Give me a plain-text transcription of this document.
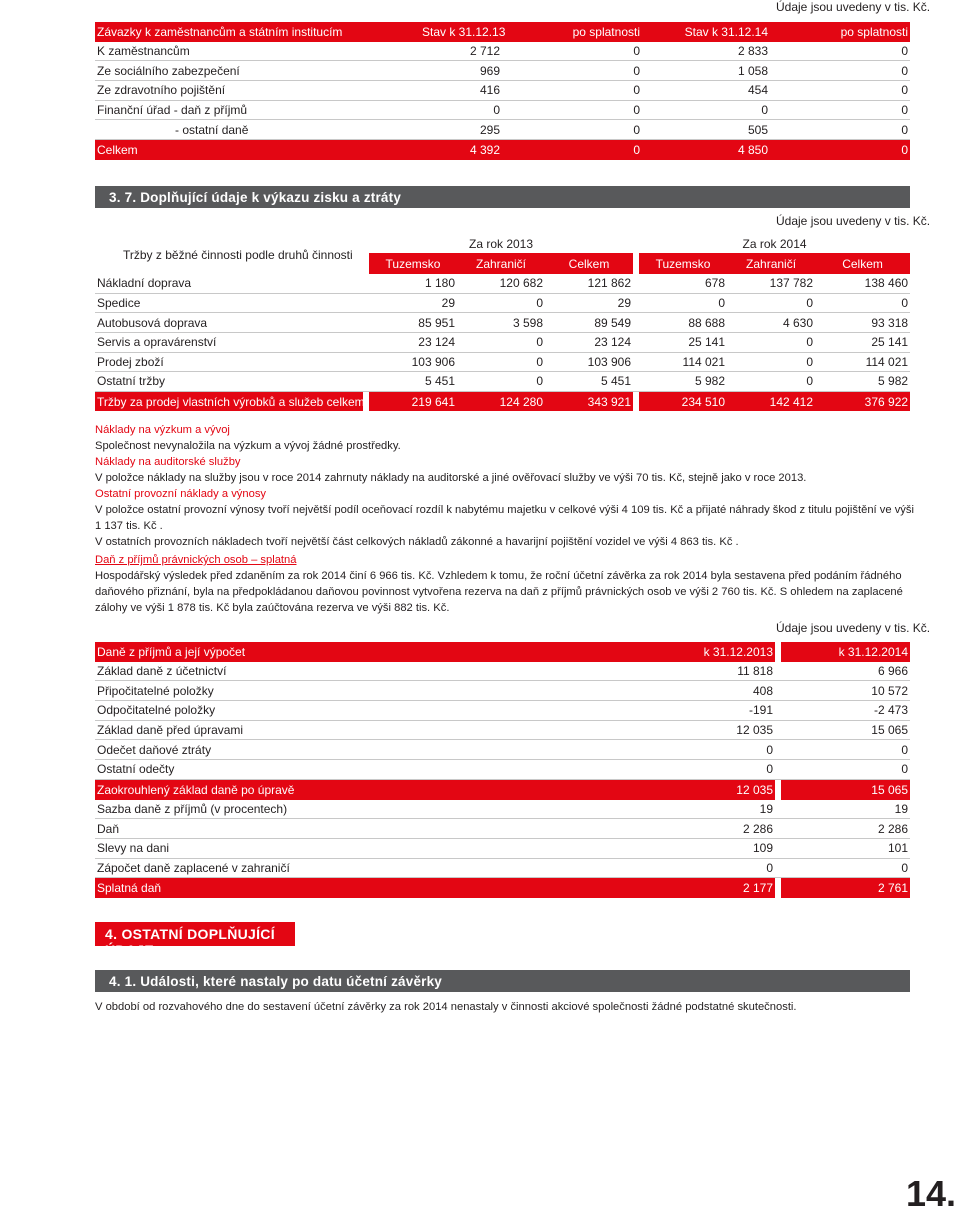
Údaje jsou uvedeny v tis. Kč.
Závazky k zaměstnancům a státním institucím	Stav k 31.12.13	po splatnosti	Stav k 31.12.14	po splatnosti
K zaměstnancům	2 712	0	2 833	0
Ze sociálního zabezpečení	969	0	1 058	0
Ze zdravotního pojištění	416	0	454	0
Finanční úřad - daň z příjmů	0	0	0	0
- ostatní daně	295	0	505	0
Celkem	4 392	0	4 850	0
3. 7. Doplňující údaje k výkazu zisku a ztráty
Údaje jsou uvedeny v tis. Kč.
Tržby z běžné činnosti podle druhů činnosti		Za rok 2013				Za rok 2014		
		Tuzemsko	Zahraničí	Celkem		Tuzemsko	Zahraničí	Celkem
Nákladní doprava		1 180	120 682	121 862		678	137 782	138 460
Spedice		29	0	29		0	0	0
Autobusová doprava		85 951	3 598	89 549		88 688	4 630	93 318
Servis a opravárenství		23 124	0	23 124		25 141	0	25 141
Prodej zboží		103 906	0	103 906		114 021	0	114 021
Ostatní tržby		5 451	0	5 451		5 982	0	5 982
Tržby za prodej vlastních výrobků a služeb celkem		219 641	124 280	343 921		234 510	142 412	376 922
Náklady na výzkum a vývoj
Společnost nevynaložila na výzkum a vývoj žádné prostředky.
Náklady na auditorské služby
V položce náklady na služby jsou v roce 2014 zahrnuty náklady na auditorské a jiné ověřovací služby ve výši 70 tis. Kč, stejně jako v roce 2013.
Ostatní provozní náklady a výnosy
V položce ostatní provozní výnosy tvoří největší podíl oceňovací rozdíl k nabytému majetku v celkové výši 4 109 tis. Kč a přijaté náhrady škod z titulu pojištění ve výši 1 137 tis. Kč .
V ostatních provozních nákladech tvoří největší část celkových nákladů zákonné a havarijní pojištění vozidel ve výši 4 863 tis. Kč .
Daň z příjmů právnických osob – splatná
Hospodářský výsledek před zdaněním za rok 2014 činí 6 966 tis. Kč. Vzhledem k tomu, že roční účetní závěrka za rok 2014 byla sestavena před podáním řádného daňového přiznání, byla na předpokládanou daňovou povinnost vytvořena rezerva na daň z příjmů právnických osob ve výši 2 760 tis. Kč. S ohledem na zaplacené zálohy ve výši 1 878 tis. Kč byla zaúčtována rezerva ve výši 882 tis. Kč.
Údaje jsou uvedeny v tis. Kč.
Daně z příjmů a její výpočet	k 31.12.2013	k 31.12.2014
Základ daně z účetnictví	11 818	6 966
Připočitatelné položky	408	10 572
Odpočitatelné položky	-191	-2 473
Základ daně před úpravami	12 035	15 065
Odečet daňové ztráty	0	0
Ostatní odečty	0	0
Zaokrouhlený základ daně po úpravě	12 035	15 065
Sazba daně z příjmů (v procentech)	19	19
Daň	2 286	2 286
Slevy na dani	109	101
Zápočet daně zaplacené v zahraničí	0	0
Splatná daň	2 177	2 761
4. OSTATNÍ DOPLŇUJÍCÍ ÚDAJE
4. 1. Události, které nastaly po datu účetní závěrky
V období od rozvahového dne do sestavení účetní závěrky za rok 2014 nenastaly v činnosti akciové společnosti žádné podstatné skutečnosti.
14.
